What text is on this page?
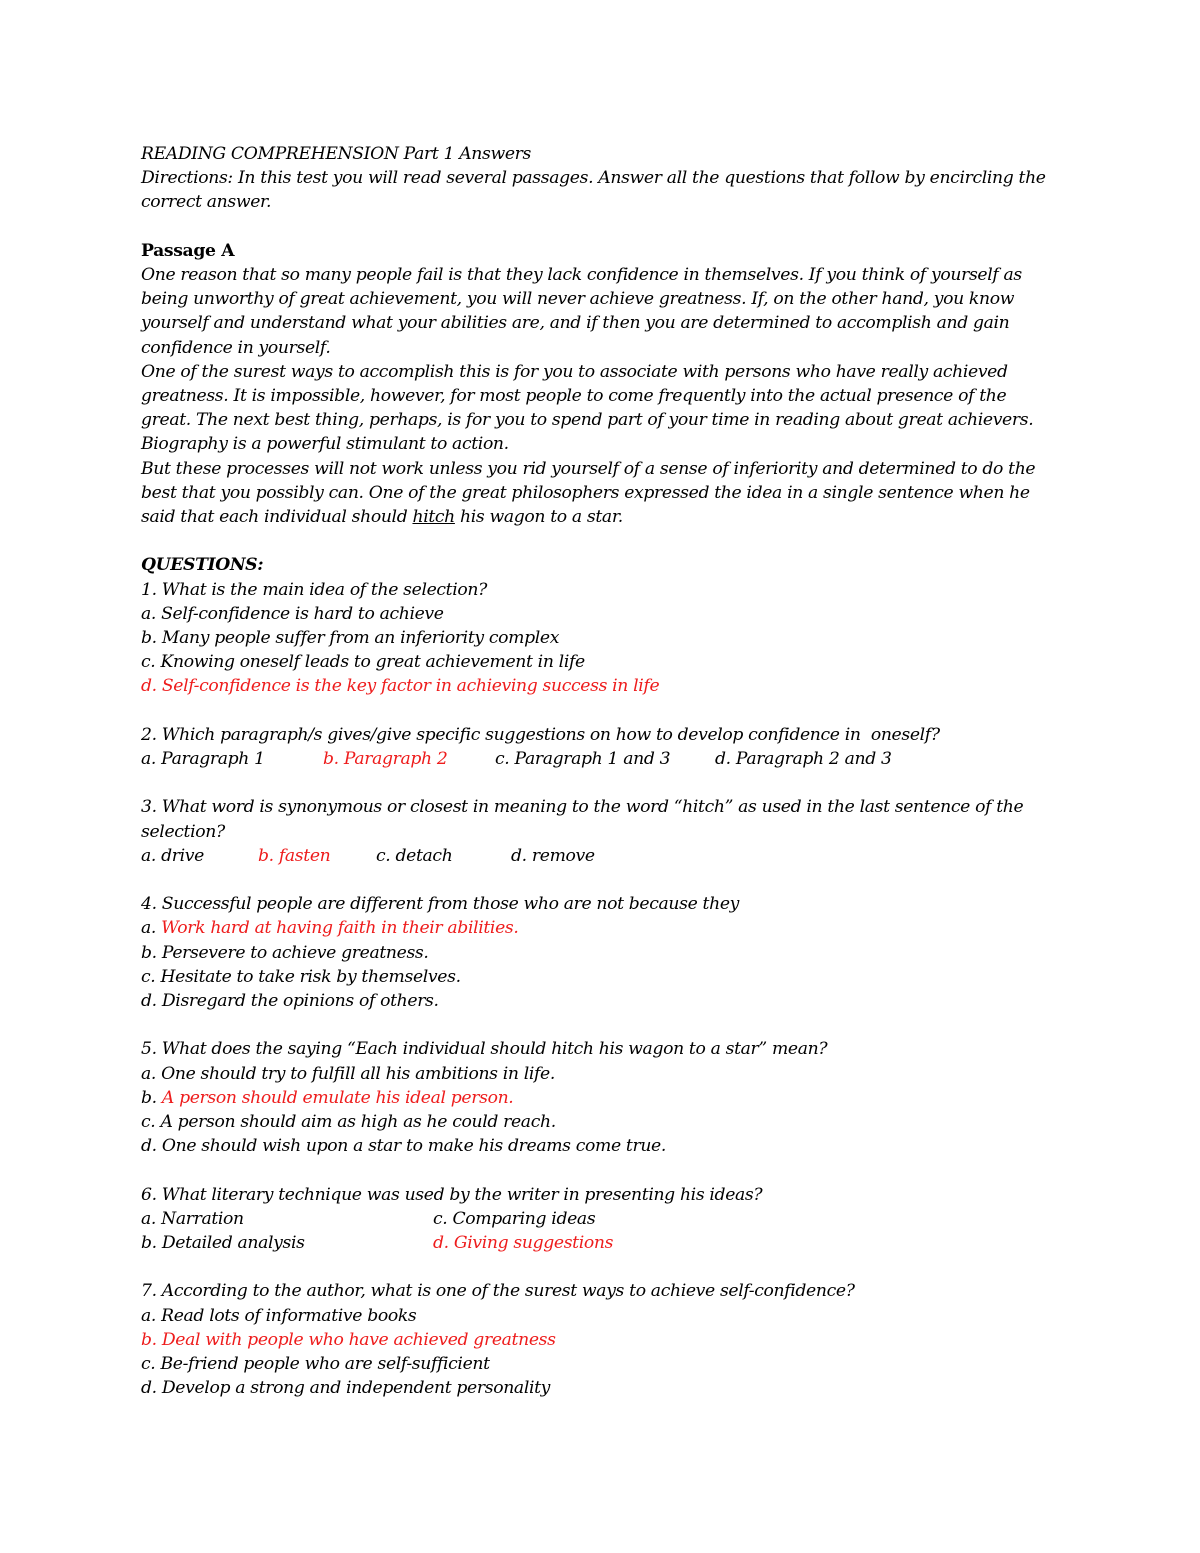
READING COMPREHENSION Part 1 Answers
Directions: In this test you will read several passages. Answer all the questions that follow by encircling the
correct answer.
Passage A
One reason that so many people fail is that they lack confidence in themselves. If you think of yourself as
being unworthy of great achievement, you will never achieve greatness. If, on the other hand, you know
yourself and understand what your abilities are, and if then you are determined to accomplish and gain
confidence in yourself.
One of the surest ways to accomplish this is for you to associate with persons who have really achieved
greatness. It is impossible, however, for most people to come frequently into the actual presence of the
great. The next best thing, perhaps, is for you to spend part of your time in reading about great achievers.
Biography is a powerful stimulant to action.
But these processes will not work unless you rid yourself of a sense of inferiority and determined to do the
best that you possibly can. One of the great philosophers expressed the idea in a single sentence when he
said that each individual should hitch his wagon to a star.
QUESTIONS:
1. What is the main idea of the selection?
a. Self-confidence is hard to achieve
b. Many people suffer from an inferiority complex
c. Knowing oneself leads to great achievement in life
d. Self-confidence is the key factor in achieving success in life
2. Which paragraph/s gives/give specific suggestions on how to develop confidence in  oneself?
a. Paragraph 1	b. Paragraph 2	c. Paragraph 1 and 3	d. Paragraph 2 and 3
3. What word is synonymous or closest in meaning to the word “hitch” as used in the last sentence of the
selection?
a. drive	b. fasten	c. detach	d. remove
4. Successful people are different from those who are not because they
a. Work hard at having faith in their abilities.
b. Persevere to achieve greatness.
c. Hesitate to take risk by themselves.
d. Disregard the opinions of others.
5. What does the saying “Each individual should hitch his wagon to a star” mean?
a. One should try to fulfill all his ambitions in life.
b. A person should emulate his ideal person.
c. A person should aim as high as he could reach.
d. One should wish upon a star to make his dreams come true.
6. What literary technique was used by the writer in presenting his ideas?
a. Narration	c. Comparing ideas
b. Detailed analysis	d. Giving suggestions
7. According to the author, what is one of the surest ways to achieve self-confidence?
a. Read lots of informative books
b. Deal with people who have achieved greatness
c. Be-friend people who are self-sufficient
d. Develop a strong and independent personality
